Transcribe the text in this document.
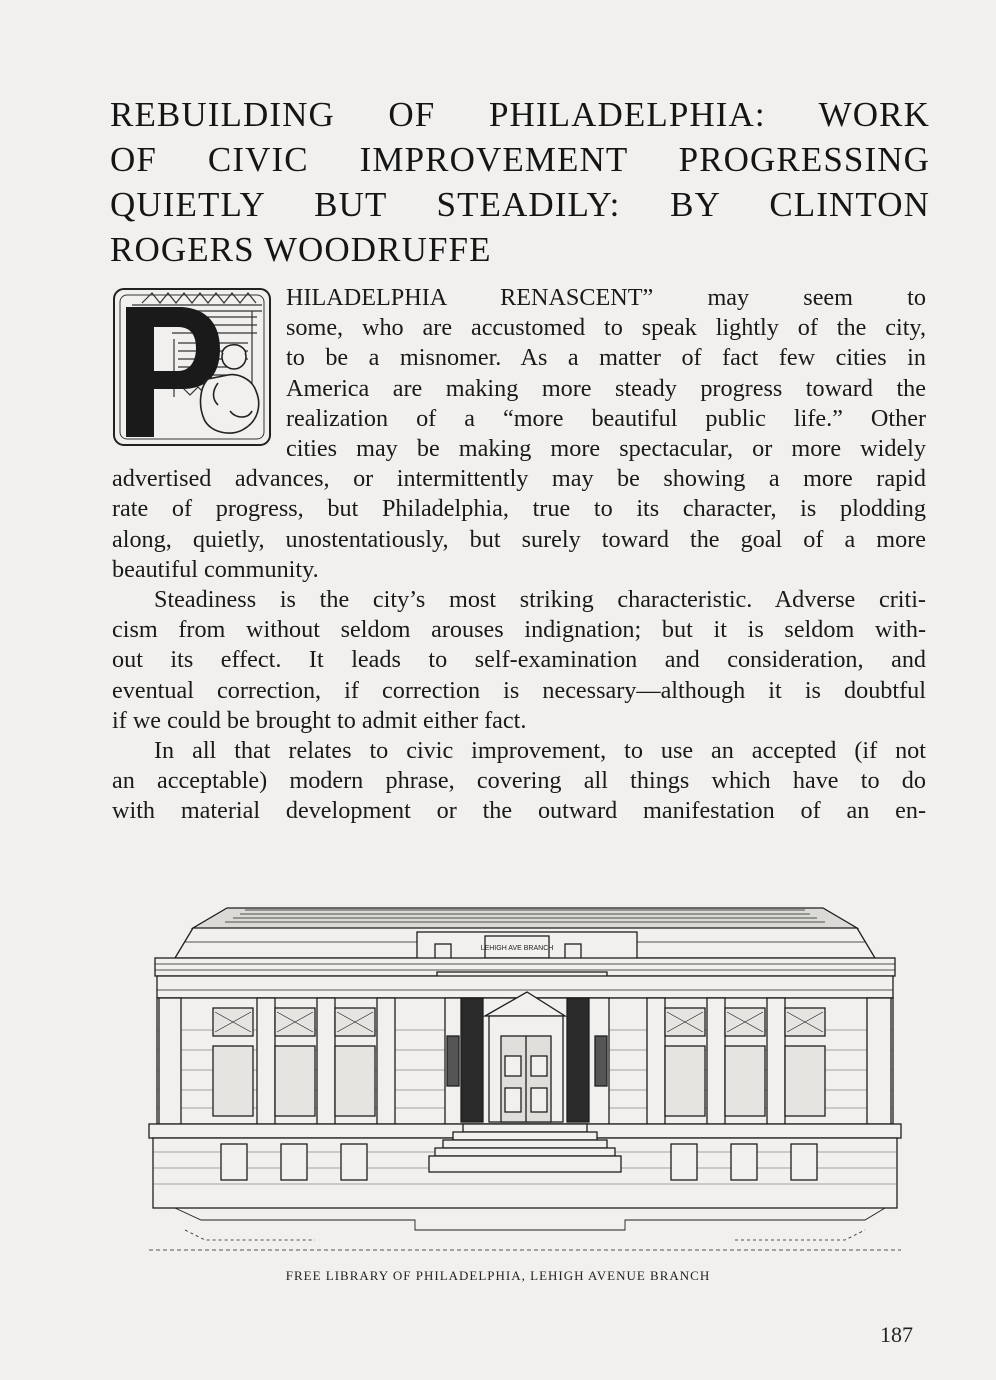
REBUILDING OF PHILADELPHIA: WORK
OF CIVIC IMPROVEMENT PROGRESSING
QUIETLY BUT STEADILY: BY CLINTON
ROGERS WOODRUFFE

HILADELPHIA RENASCENT” may seem to
some, who are accustomed to speak lightly of the city,
to be a misnomer. As a matter of fact few cities in
America are making more steady progress toward the
realization of a “more beautiful public life.” Other
cities may be making more spectacular, or more widely
advertised advances, or intermittently may be showing a more rapid
rate of progress, but Philadelphia, true to its character, is plodding
along, quietly, unostentatiously, but surely toward the goal of a more
beautiful community.

Steadiness is the city’s most striking characteristic. Adverse criti-
cism from without seldom arouses indignation; but it is seldom with-
out its effect. It leads to self-examination and consideration, and
eventual correction, if correction is necessary—although it is doubtful
if we could be brought to admit either fact.

In all that relates to civic improvement, to use an accepted (if not
an acceptable) modern phrase, covering all things which have to do
with material development or the outward manifestation of an en-

LEHIGH AVE BRANCH
FREE LIBRARY OF PHILADELPHIA, LEHIGH AVENUE BRANCH
187
